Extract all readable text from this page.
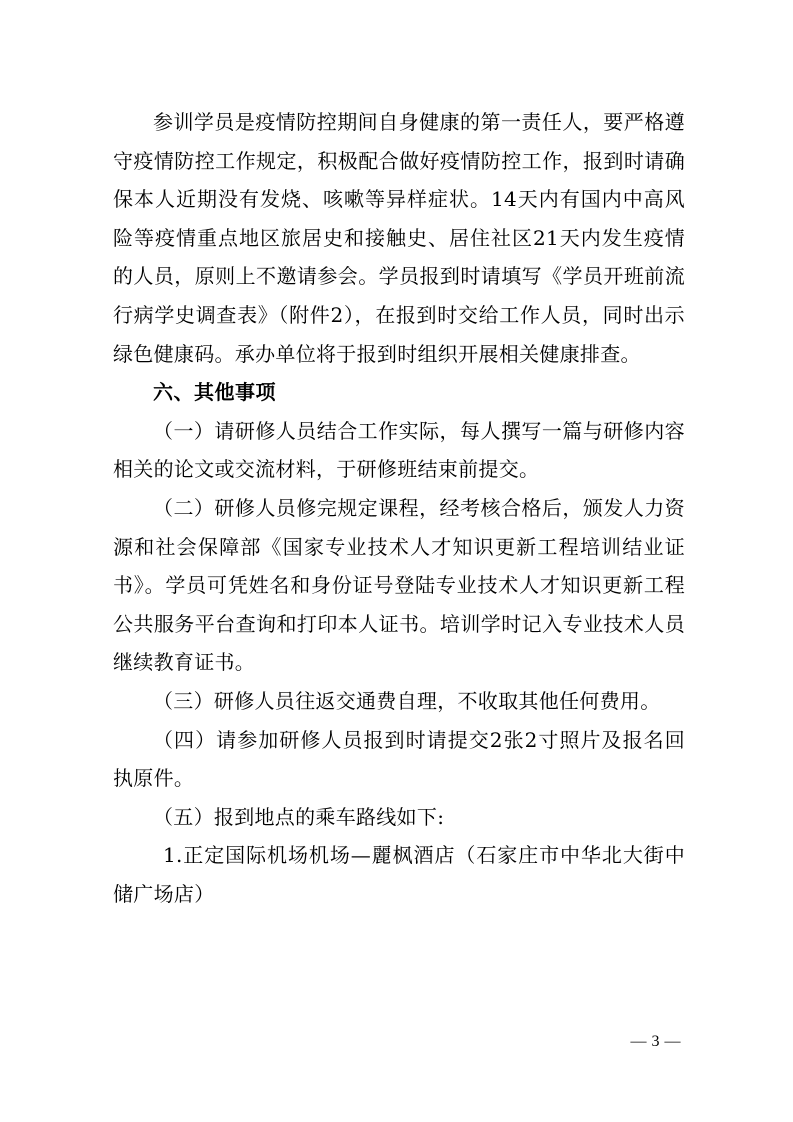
参训学员是疫情防控期间自身健康的第一责任人，要严格遵守疫情防控工作规定，积极配合做好疫情防控工作，报到时请确保本人近期没有发烧、咳嗽等异样症状。14天内有国内中高风险等疫情重点地区旅居史和接触史、居住社区21天内发生疫情的人员，原则上不邀请参会。学员报到时请填写《学员开班前流行病学史调查表》（附件2），在报到时交给工作人员，同时出示绿色健康码。承办单位将于报到时组织开展相关健康排查。

六、其他事项

（一）请研修人员结合工作实际，每人撰写一篇与研修内容相关的论文或交流材料，于研修班结束前提交。

（二）研修人员修完规定课程，经考核合格后，颁发人力资源和社会保障部《国家专业技术人才知识更新工程培训结业证书》。学员可凭姓名和身份证号登陆专业技术人才知识更新工程公共服务平台查询和打印本人证书。培训学时记入专业技术人员继续教育证书。

（三）研修人员往返交通费自理，不收取其他任何费用。

（四）请参加研修人员报到时请提交2张2寸照片及报名回执原件。

（五）报到地点的乘车路线如下:

1.正定国际机场机场—麗枫酒店（石家庄市中华北大街中储广场店）

— 3 —
